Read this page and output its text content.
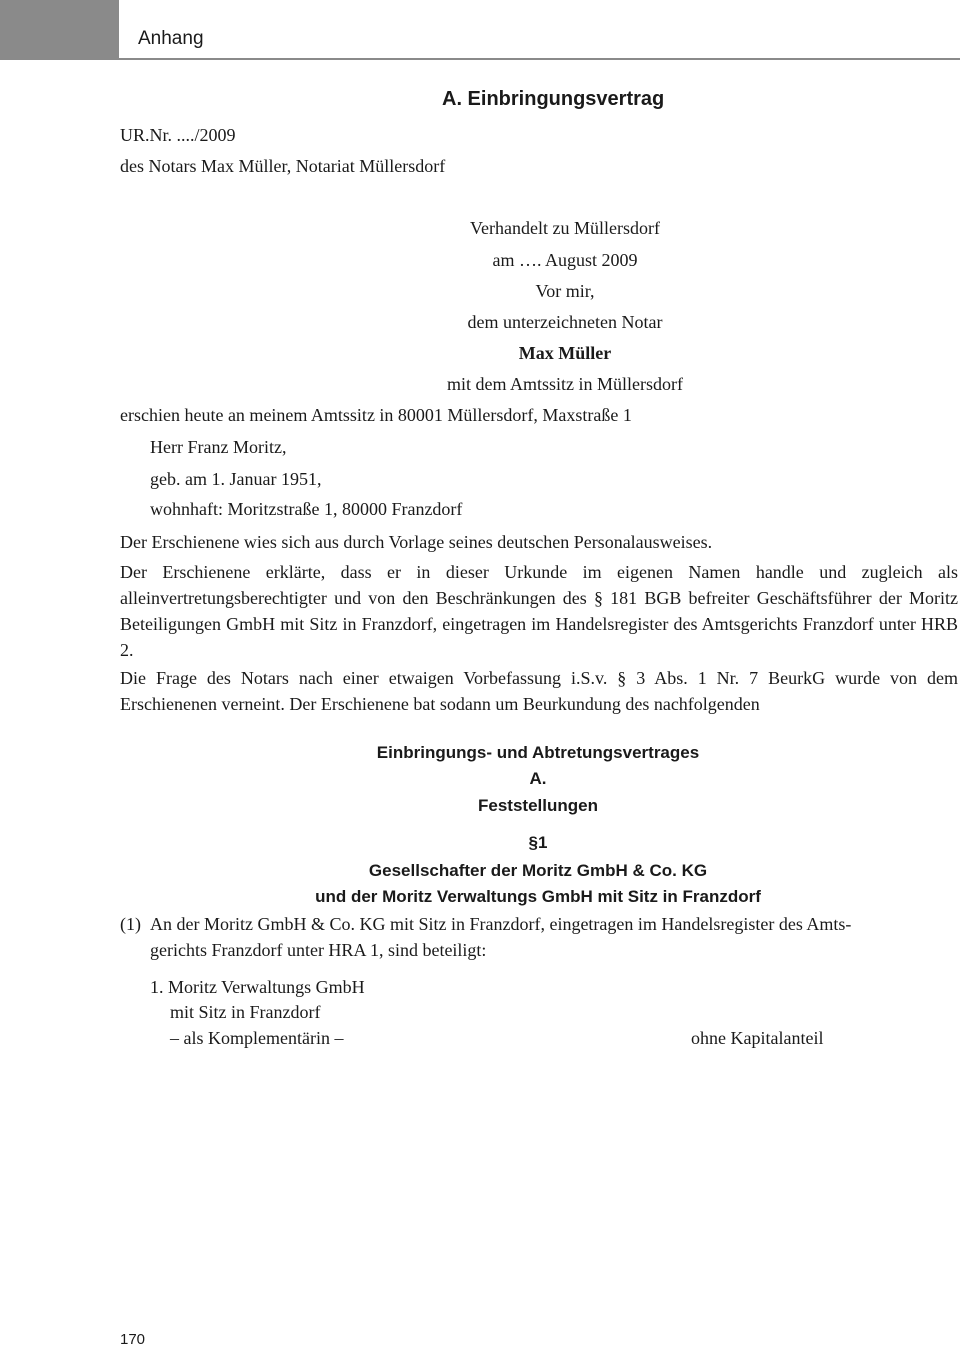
Anhang
A. Einbringungsvertrag
UR.Nr. ..../2009
des Notars Max Müller, Notariat Müllersdorf
Verhandelt zu Müllersdorf
am …. August 2009
Vor mir,
dem unterzeichneten Notar
Max Müller
mit dem Amtssitz in Müllersdorf
erschien heute an meinem Amtssitz in 80001 Müllersdorf, Maxstraße 1
Herr Franz Moritz,
geb. am 1. Januar 1951,
wohnhaft: Moritzstraße 1, 80000 Franzdorf
Der Erschienene wies sich aus durch Vorlage seines deutschen Personalausweises.
Der Erschienene erklärte, dass er in dieser Urkunde im eigenen Namen handle und zugleich als alleinvertretungsberechtigter und von den Beschränkungen des § 181 BGB befreiter Geschäftsführer der Moritz Beteiligungen GmbH mit Sitz in Franzdorf, eingetragen im Handelsregister des Amtsgerichts Franzdorf unter HRB 2.
Die Frage des Notars nach einer etwaigen Vorbefassung i.S.v. § 3 Abs. 1 Nr. 7 BeurkG wurde von dem Erschienenen verneint. Der Erschienene bat sodann um Beurkundung des nachfolgenden
Einbringungs- und Abtretungsvertrages
A.
Feststellungen
§1
Gesellschafter der Moritz GmbH & Co. KG
und der Moritz Verwaltungs GmbH mit Sitz in Franzdorf
(1) An der Moritz GmbH & Co. KG mit Sitz in Franzdorf, eingetragen im Handelsregister des Amts-
gerichts Franzdorf unter HRA 1, sind beteiligt:
1. Moritz Verwaltungs GmbH
mit Sitz in Franzdorf
– als Komplementärin –	ohne Kapitalanteil
170
